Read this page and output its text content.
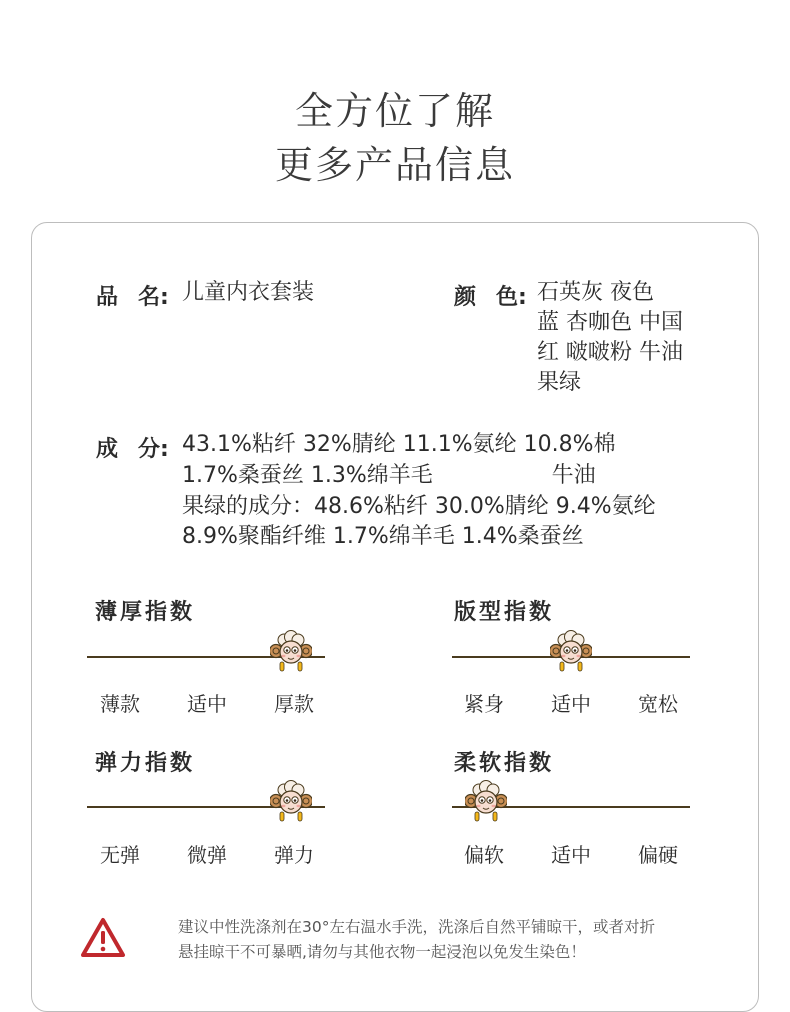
全方位了解
更多产品信息
品 名: 儿童内衣套装	颜 色: 石英灰 夜色
蓝 杏咖色 中国
红 啵啵粉 牛油
果绿
成 分: 43.1%粘纤 32%腈纶 11.1%氨纶 10.8%棉
1.7%桑蚕丝 1.3%绵羊毛                 牛油
果绿的成分：48.6%粘纤 30.0%腈纶 9.4%氨纶
8.9%聚酯纤维 1.7%绵羊毛 1.4%桑蚕丝
薄厚指数
薄款	适中	厚款
版型指数
紧身	适中	宽松
弹力指数
无弹	微弹	弹力
柔软指数
偏软	适中	偏硬
建议中性洗涤剂在30°左右温水手洗，洗涤后自然平铺晾干，或者对折
悬挂晾干不可暴晒,请勿与其他衣物一起浸泡以免发生染色！
